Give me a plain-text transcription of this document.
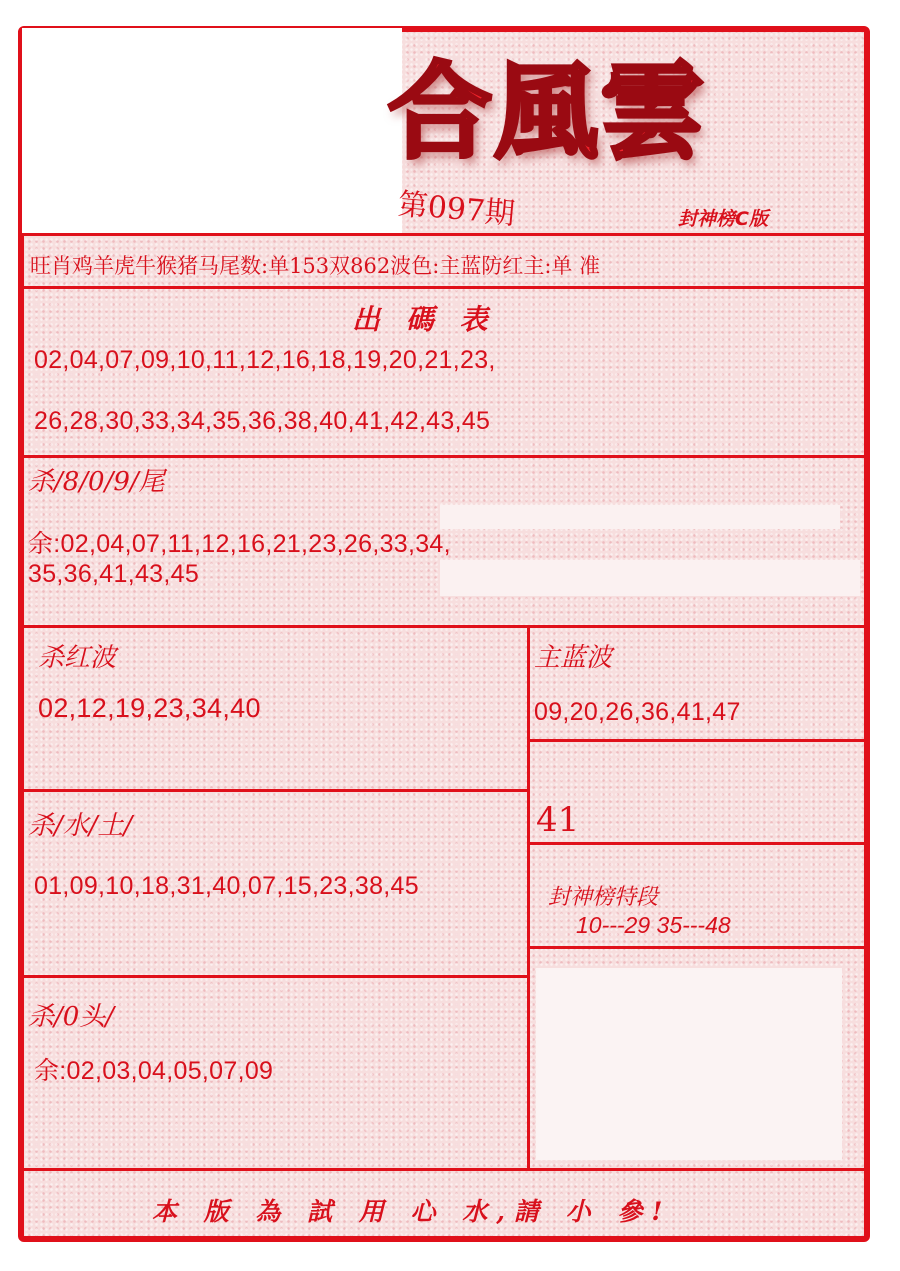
合風雲
第097期	封神榜C版
旺肖鸡羊虎牛猴猪马尾数:单153双862波色:主蓝防红主:单 准
出 碼 表
02,04,07,09,10,11,12,16,18,19,20,21,23,
26,28,30,33,34,35,36,38,40,41,42,43,45
杀/8/0/9/尾
余:02,04,07,11,12,16,21,23,26,33,34,
35,36,41,43,45
杀红波
02,12,19,23,34,40
主蓝波
09,20,26,36,41,47
41
杀/水/土/
01,09,10,18,31,40,07,15,23,38,45	封神榜特段
10---29 35---48
杀/0头/
余:02,03,04,05,07,09
本 版 為 試 用 心 水,請 小 參!
